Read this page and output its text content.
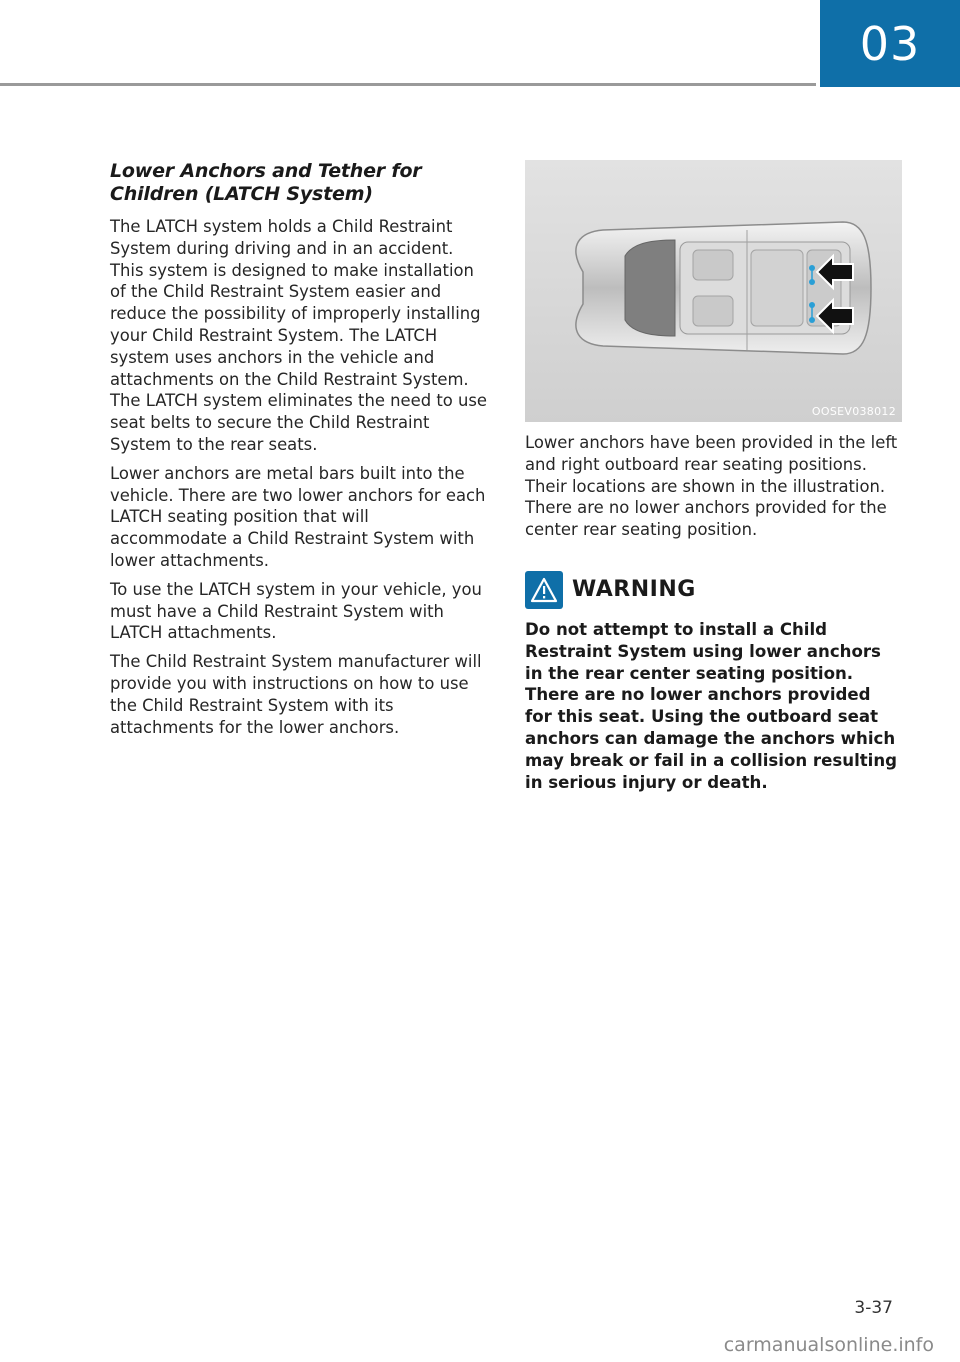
03
Lower Anchors and Tether for
Children (LATCH System)

The LATCH system holds a Child Restraint System during driving and in an accident. This system is designed to make installation of the Child Restraint System easier and reduce the possibility of improperly installing your Child Restraint System. The LATCH system uses anchors in the vehicle and attachments on the Child Restraint System. The LATCH system eliminates the need to use seat belts to secure the Child Restraint System to the rear seats.

Lower anchors are metal bars built into the vehicle. There are two lower anchors for each LATCH seating position that will accommodate a Child Restraint System with lower attachments.

To use the LATCH system in your vehicle, you must have a Child Restraint System with LATCH attachments.

The Child Restraint System manufacturer will provide you with instructions on how to use the Child Restraint System with its attachments for the lower anchors.

OOSEV038012

Lower anchors have been provided in the left and right outboard rear seating positions. Their locations are shown in the illustration. There are no lower anchors provided for the center rear seating position.

WARNING

Do not attempt to install a Child Restraint System using lower anchors in the rear center seating position. There are no lower anchors provided for this seat. Using the outboard seat anchors can damage the anchors which may break or fail in a collision resulting in serious injury or death.

3-37
carmanualsonline.info
